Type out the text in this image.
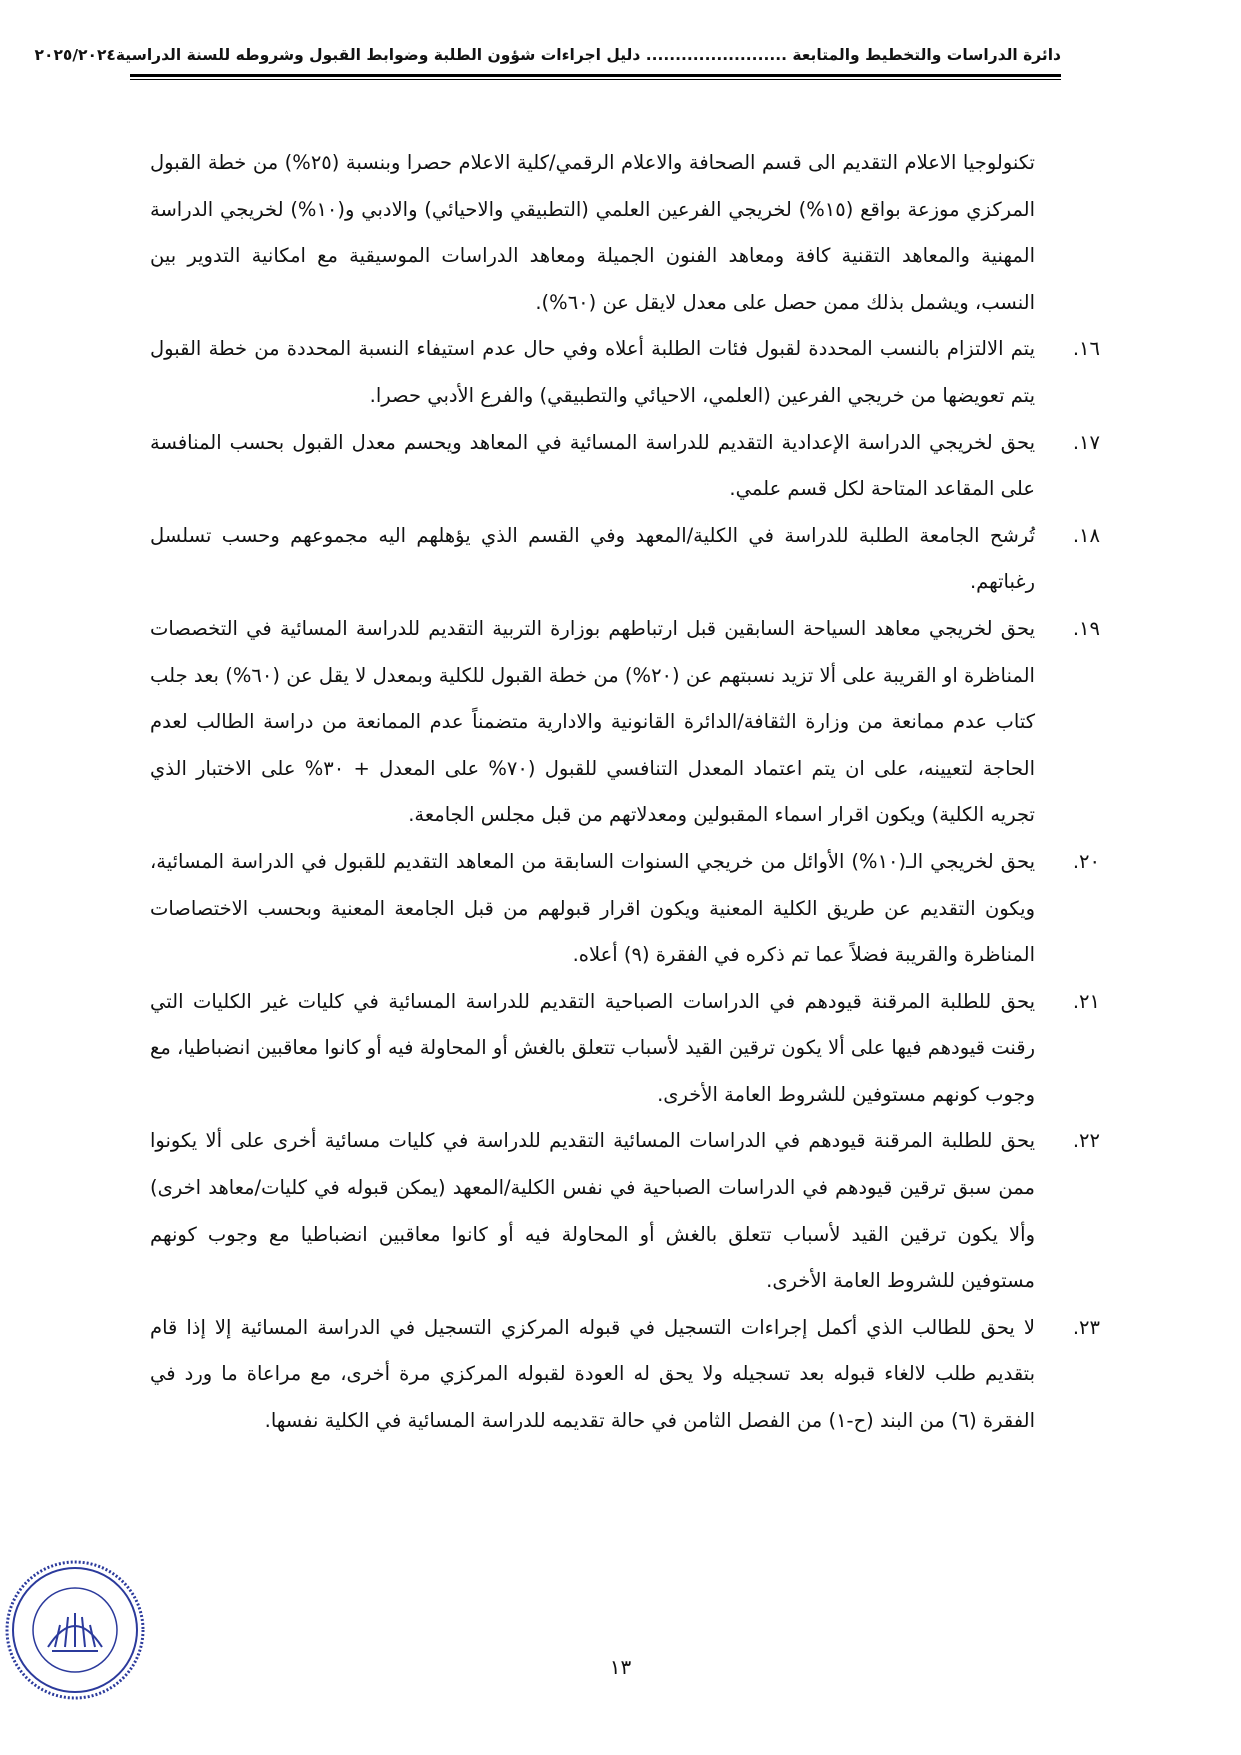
دائرة الدراسات والتخطيط والمتابعة ........................ دليل اجراءات شؤون الطلبة وضوابط القبول وشروطه للسنة الدراسية
٢٠٢٥/٢٠٢٤

تكنولوجيا الاعلام التقديم الى قسم الصحافة والاعلام الرقمي/كلية الاعلام حصرا وبنسبة (٢٥%) من خطة القبول المركزي موزعة بواقع (١٥%) لخريجي الفرعين العلمي (التطبيقي والاحيائي) والادبي و(١٠%) لخريجي الدراسة المهنية والمعاهد التقنية كافة ومعاهد الفنون الجميلة ومعاهد الدراسات الموسيقية مع امكانية التدوير بين النسب، ويشمل بذلك ممن حصل على معدل لايقل عن (٦٠%).

١٦.
يتم الالتزام بالنسب المحددة لقبول فئات الطلبة أعلاه وفي حال عدم استيفاء النسبة المحددة من خطة القبول يتم تعويضها من خريجي الفرعين (العلمي، الاحيائي والتطبيقي) والفرع الأدبي حصرا.

١٧.
يحق لخريجي الدراسة الإعدادية التقديم للدراسة المسائية في المعاهد ويحسم معدل القبول بحسب المنافسة على المقاعد المتاحة لكل قسم علمي.

١٨.
تُرشح الجامعة الطلبة للدراسة في الكلية/المعهد وفي القسم الذي يؤهلهم اليه مجموعهم وحسب تسلسل رغباتهم.

١٩.
يحق لخريجي معاهد السياحة السابقين قبل ارتباطهم بوزارة التربية التقديم للدراسة المسائية في التخصصات المناظرة او القريبة على ألا تزيد نسبتهم عن (٢٠%) من خطة القبول للكلية وبمعدل لا يقل عن (٦٠%) بعد جلب كتاب عدم ممانعة من وزارة الثقافة/الدائرة القانونية والادارية متضمناً عدم الممانعة من دراسة الطالب لعدم الحاجة لتعيينه، على ان يتم اعتماد المعدل التنافسي للقبول (٧٠% على المعدل + ٣٠% على الاختبار الذي تجريه الكلية) ويكون اقرار اسماء المقبولين ومعدلاتهم من قبل مجلس الجامعة.

٢٠.
يحق لخريجي الـ(١٠%) الأوائل من خريجي السنوات السابقة من المعاهد التقديم للقبول في الدراسة المسائية، ويكون التقديم عن طريق الكلية المعنية ويكون اقرار قبولهم من قبل الجامعة المعنية وبحسب الاختصاصات المناظرة والقريبة فضلاً عما تم ذكره في الفقرة (٩) أعلاه.

٢١.
يحق للطلبة المرقنة قيودهم في الدراسات الصباحية التقديم للدراسة المسائية في كليات غير الكليات التي رقنت قيودهم فيها على ألا يكون ترقين القيد لأسباب تتعلق بالغش أو المحاولة فيه أو كانوا معاقبين انضباطيا، مع وجوب كونهم مستوفين للشروط العامة الأخرى.

٢٢.
يحق للطلبة المرقنة قيودهم في الدراسات المسائية التقديم للدراسة في كليات مسائية أخرى على ألا يكونوا ممن سبق ترقين قيودهم في الدراسات الصباحية في نفس الكلية/المعهد (يمكن قبوله في كليات/معاهد اخرى) وألا يكون ترقين القيد لأسباب تتعلق بالغش أو المحاولة فيه أو كانوا معاقبين انضباطيا مع وجوب كونهم مستوفين للشروط العامة الأخرى.

٢٣.
لا يحق للطالب الذي أكمل إجراءات التسجيل في قبوله المركزي التسجيل في الدراسة المسائية إلا إذا قام بتقديم طلب لالغاء قبوله بعد تسجيله ولا يحق له العودة لقبوله المركزي مرة أخرى، مع مراعاة ما ورد في الفقرة (٦) من البند (ح-١) من الفصل الثامن في حالة تقديمه للدراسة المسائية في الكلية نفسها.

١٣
